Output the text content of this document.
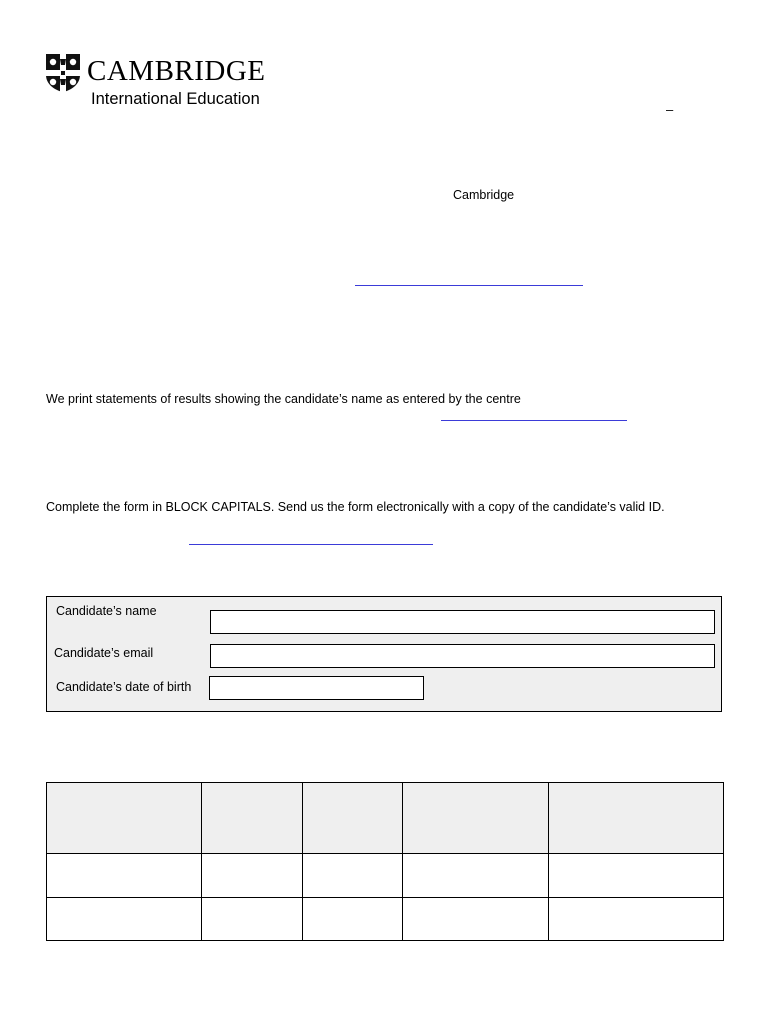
CAMBRIDGE
International Education
–
Cambridge
We print statements of results showing the candidate’s name as entered by the centre
Complete the form in BLOCK CAPITALS. Send us the form electronically with a copy of the candidate’s valid ID.
Candidate’s name
Candidate’s email
Candidate’s date of birth
